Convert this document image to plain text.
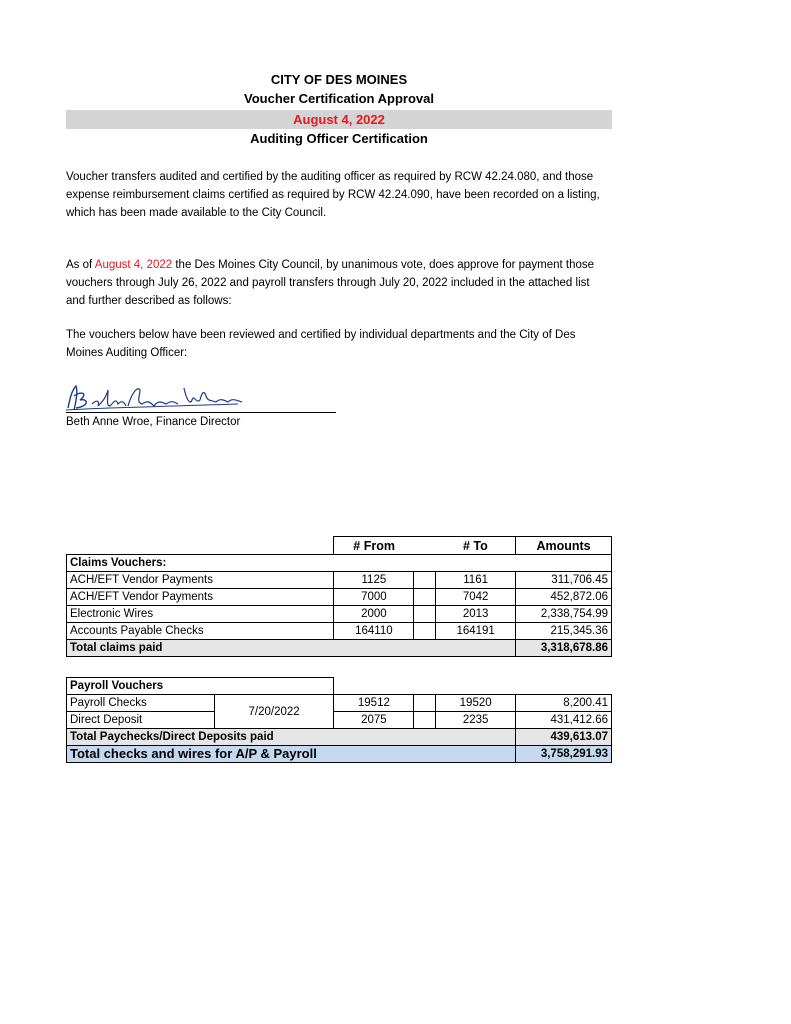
CITY OF DES MOINES
Voucher Certification Approval
August 4, 2022
Auditing Officer Certification
Voucher transfers audited and certified by the auditing officer as required by RCW 42.24.080, and those expense reimbursement claims certified as required by RCW 42.24.090, have been recorded on a listing, which has been made available to the City Council.
As of August 4, 2022 the Des Moines City Council, by unanimous vote, does approve for payment those vouchers through July 26, 2022 and payroll transfers through July 20, 2022 included in the attached list and further described as follows:
The vouchers below have been reviewed and certified by individual departments and the City of Des Moines Auditing Officer:
Beth Anne Wroe, Finance Director
	# From		# To	Amounts
Claims Vouchers:				
ACH/EFT Vendor Payments	1125		1161	311,706.45
ACH/EFT Vendor Payments	7000		7042	452,872.06
Electronic Wires	2000		2013	2,338,754.99
Accounts Payable Checks	164110		164191	215,345.36
Total claims paid				3,318,678.86
Payroll Vouchers					
Payroll Checks	7/20/2022	19512		19520	8,200.41
Direct Deposit		2075		2235	431,412.66
Total Paychecks/Direct Deposits paid					439,613.07
Total checks and wires for A/P & Payroll					3,758,291.93
